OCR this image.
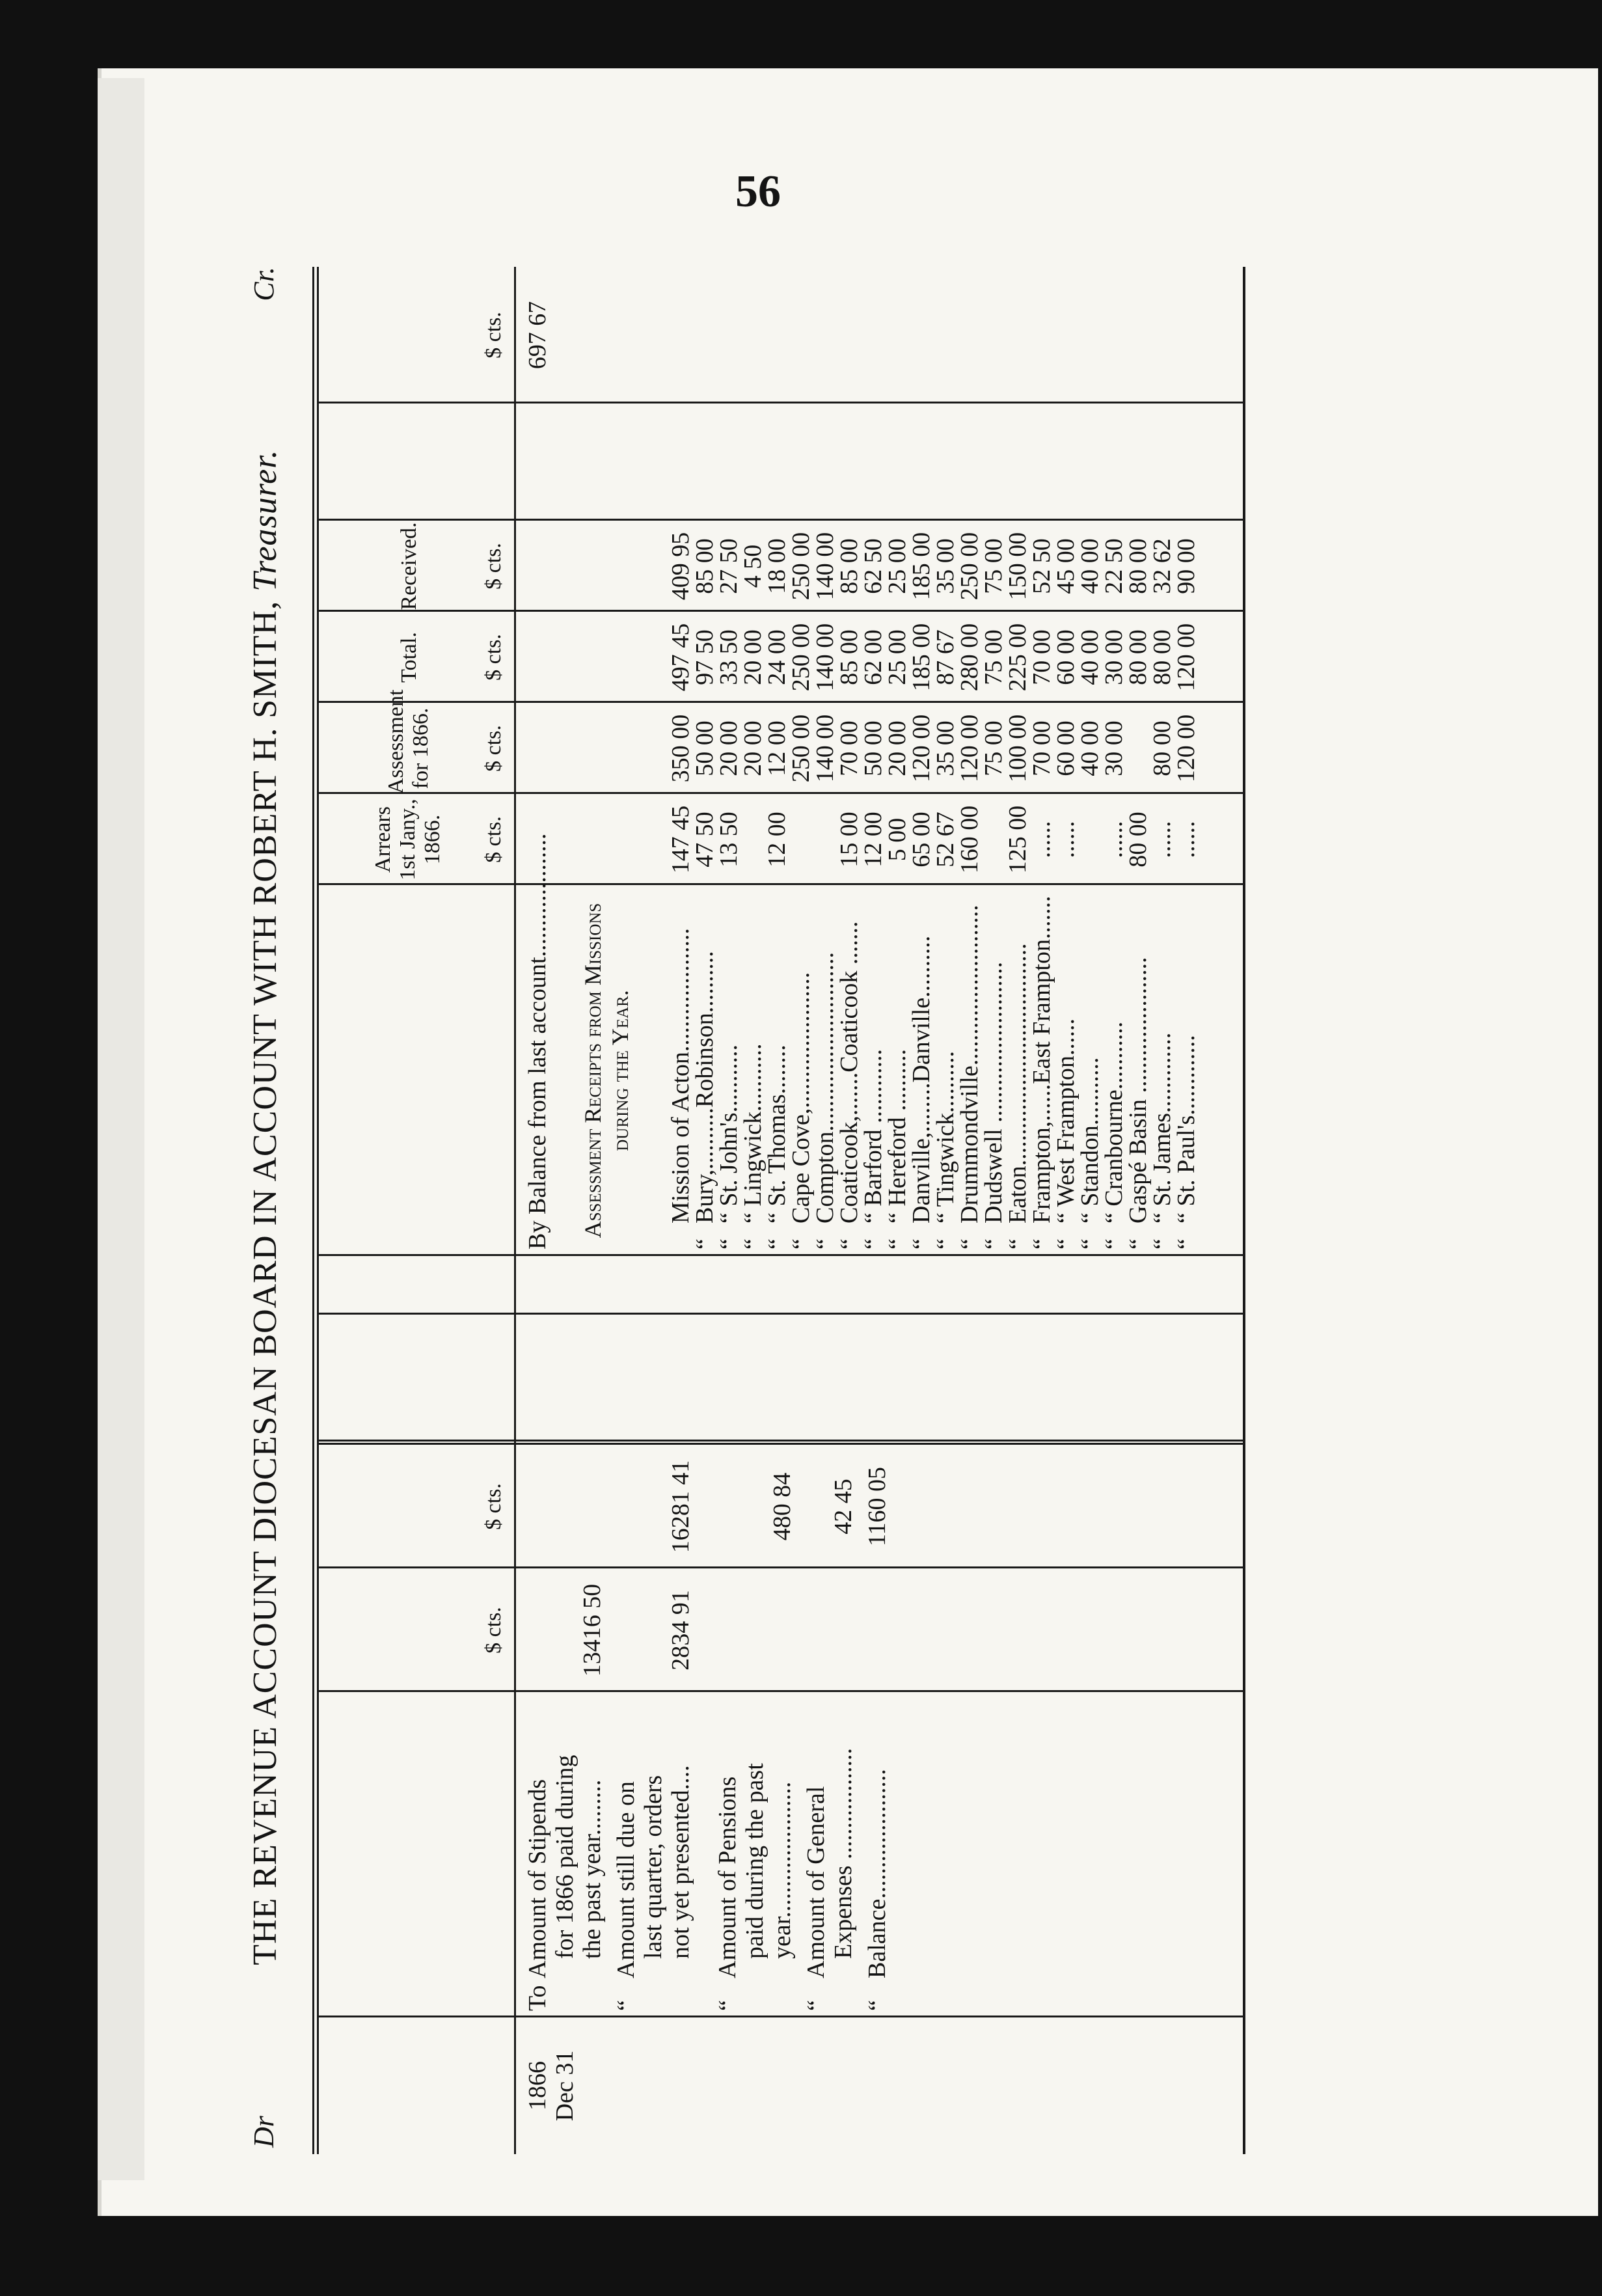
56
Dr
THE REVENUE ACCOUNT DIOCESAN BOARD IN ACCOUNT WITH ROBERT H. SMITH, Treasurer.
Cr.
1866 Dec 31
$ cts.
$ cts.
Arrears 1st Jany., 1866.
Assessment for 1866.
Total.
Received.
$ cts.
$ cts.
$ cts.
$ cts.
$ cts.
By Balance from last account....................
697 67
Assessment Receipts from Missions during the Year.
To
Amount of Stipends for 1866 paid during the past year.........
13416 50
“
Amount still due on last quarter, orders not yet presented....
2834 91
16281 41
“
Amount of Pensions paid during the past year......................
480 84
“
Amount of General Expenses ..................
42 45
“
Balance.....................
1160 05
Mission of Acton....................
147 45
350 00
497 45
409 95
“
Bury,..........Robinson..........
47 50
50 00
97 50
85 00
“
“ St. John's...........
13 50
20 00
33 50
27 50
“
“ Lingwick...........
20 00
20 00
4 50
“
“ St. Thomas........
12 00
12 00
24 00
18 00
“
Cape Cove,......................
250 00
250 00
250 00
“
Compton.............................
140 00
140 00
140 00
“
Coaticook,.......Coaticook .......
15 00
70 00
85 00
85 00
“
“ Barford ............
12 00
50 00
62 00
62 50
“
“ Hereford ..........
5 00
20 00
25 00
25 00
“
Danville,........Danville..........
65 00
120 00
185 00
185 00
“
“ Tingwick..........
52 67
35 00
87 67
35 00
“
Drummondville..........................
160 00
120 00
280 00
250 00
“
Dudswell ..........................
75 00
75 00
75 00
“
Eaton....................................
125 00
100 00
225 00
150 00
“
Frampton,......East Frampton.......
......
70 00
70 00
52 50
“
“ West Frampton......
......
60 00
60 00
45 00
“
“ Standon...........
40 00
40 00
40 00
“
“ Cranbourne...........
......
30 00
30 00
22 50
“
Gaspé Basin ......................
80 00
80 00
80 00
“
“ St. James.............
......
80 00
80 00
32 62
“
“ St. Paul's.............
......
120 00
120 00
90 00
